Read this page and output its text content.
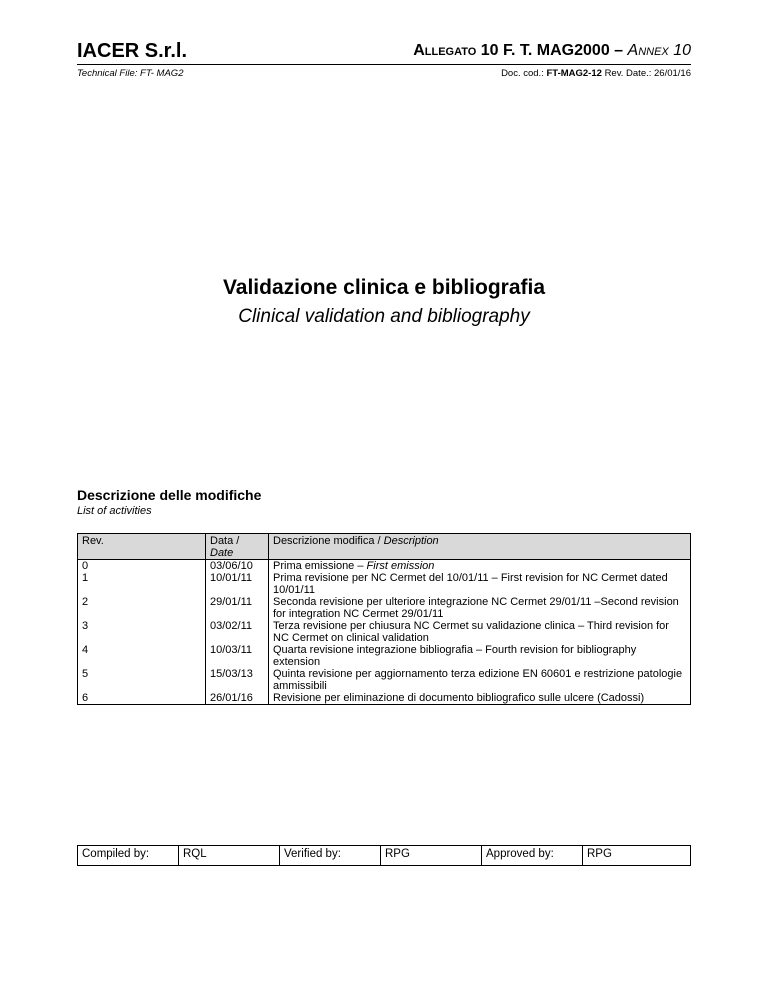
IACER S.r.l.	Allegato 10 F. T. MAG2000 – Annex 10
Technical File: FT- MAG2	Doc. cod.: FT-MAG2-12 Rev. Date.: 26/01/16
Validazione clinica e bibliografia
Clinical validation and bibliography
Descrizione delle modifiche
List of activities
Rev.	Data / Date	Descrizione modifica / Description
0	03/06/10	Prima emissione – First emission
1	10/01/11	Prima revisione per NC Cermet del 10/01/11 – First revision for NC Cermet dated 10/01/11
2	29/01/11	Seconda revisione per ulteriore integrazione NC Cermet 29/01/11 –Second revision for integration NC Cermet 29/01/11
3	03/02/11	Terza revisione per chiusura NC Cermet su validazione clinica – Third revision for NC Cermet on clinical validation
4	10/03/11	Quarta revisione integrazione bibliografia – Fourth revision for bibliography extension
5	15/03/13	Quinta revisione per aggiornamento terza edizione EN 60601 e restrizione patologie ammissibili
6	26/01/16	Revisione per eliminazione di documento bibliografico sulle ulcere (Cadossi)
Compiled by:	RQL	Verified by:	RPG	Approved by:	RPG
